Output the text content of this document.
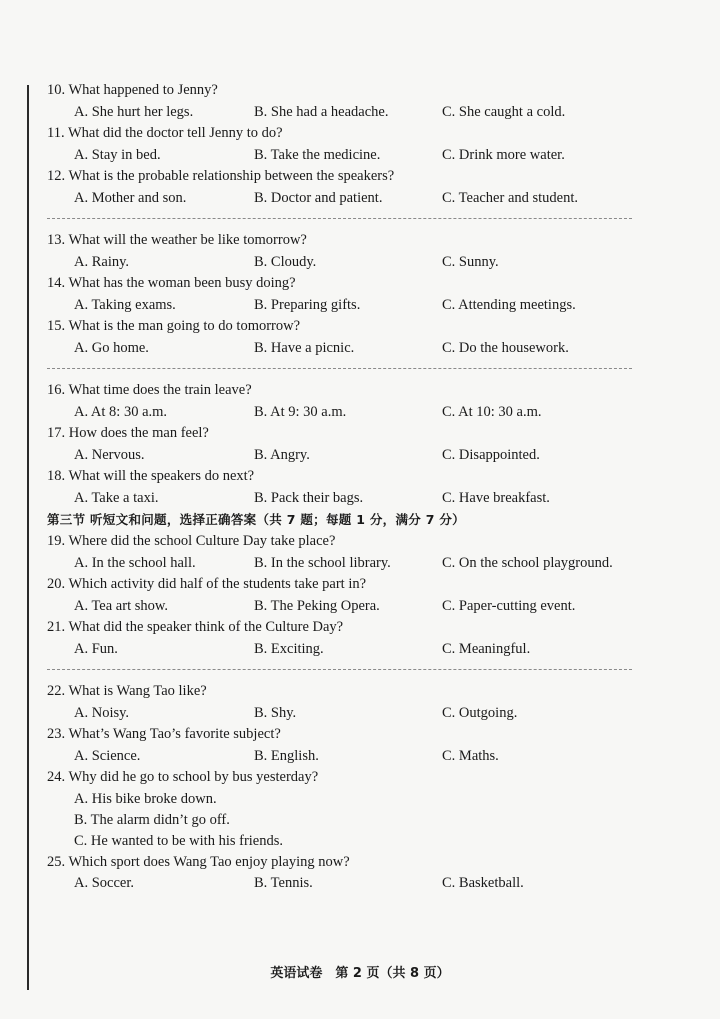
10. What happened to Jenny?
A. She hurt her legs.	B. She had a headache.	C. She caught a cold.
11. What did the doctor tell Jenny to do?
A. Stay in bed.	B. Take the medicine.	C. Drink more water.
12. What is the probable relationship between the speakers?
A. Mother and son.	B. Doctor and patient.	C. Teacher and student.
13. What will the weather be like tomorrow?
A. Rainy.	B. Cloudy.	C. Sunny.
14. What has the woman been busy doing?
A. Taking exams.	B. Preparing gifts.	C. Attending meetings.
15. What is the man going to do tomorrow?
A. Go home.	B. Have a picnic.	C. Do the housework.
16. What time does the train leave?
A. At 8: 30 a.m.	B. At 9: 30 a.m.	C. At 10: 30 a.m.
17. How does the man feel?
A. Nervous.	B. Angry.	C. Disappointed.
18. What will the speakers do next?
A. Take a taxi.	B. Pack their bags.	C. Have breakfast.
第三节 听短文和问题，选择正确答案（共 7 题；每题 1 分，满分 7 分）
19. Where did the school Culture Day take place?
A. In the school hall.	B. In the school library.	C. On the school playground.
20. Which activity did half of the students take part in?
A. Tea art show.	B. The Peking Opera.	C. Paper-cutting event.
21. What did the speaker think of the Culture Day?
A. Fun.	B. Exciting.	C. Meaningful.
22. What is Wang Tao like?
A. Noisy.	B. Shy.	C. Outgoing.
23. What’s Wang Tao’s favorite subject?
A. Science.	B. English.	C. Maths.
24. Why did he go to school by bus yesterday?
A. His bike broke down.
B. The alarm didn’t go off.
C. He wanted to be with his friends.
25. Which sport does Wang Tao enjoy playing now?
A. Soccer.	B. Tennis.	C. Basketball.
英语试卷　第 2 页（共 8 页）
